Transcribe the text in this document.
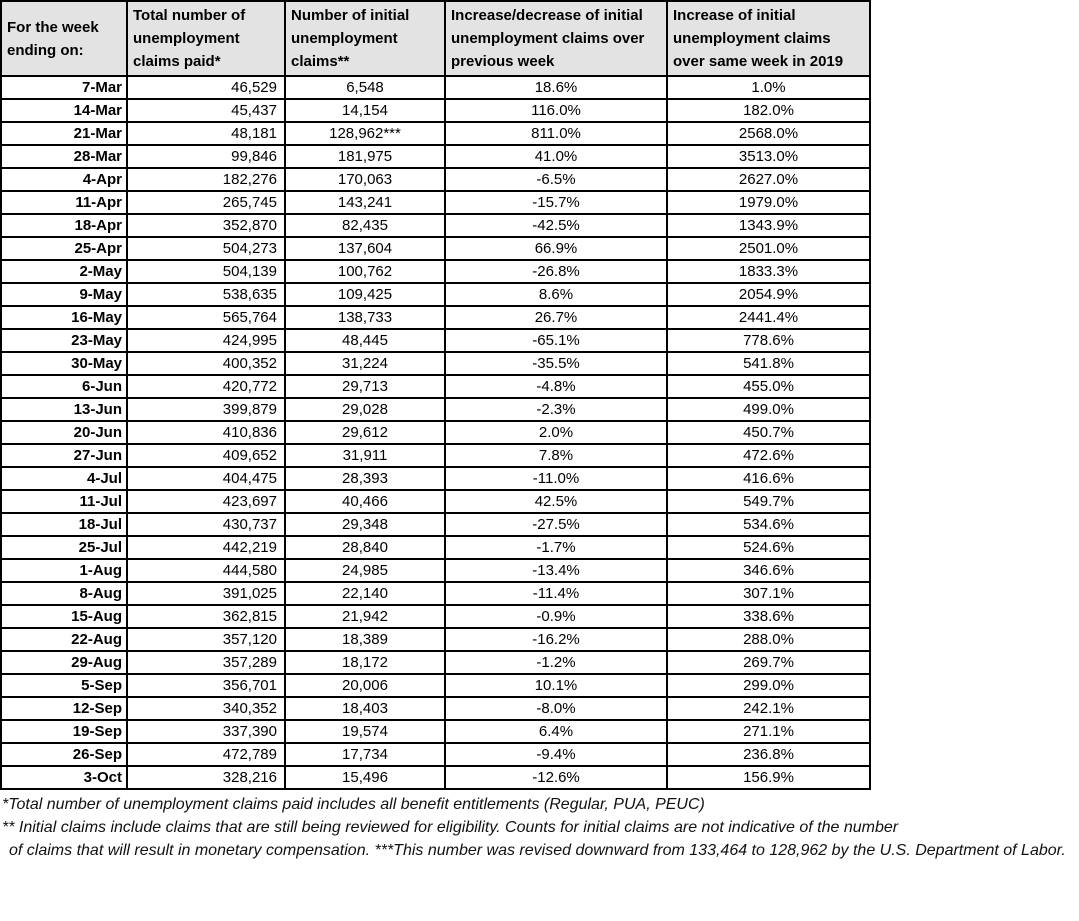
For the week ending on:	Total number of unemployment claims paid*	Number of initial unemployment claims**	Increase/decrease of initial unemployment claims over previous week	Increase of initial unemployment claims over same week in 2019
7-Mar	46,529	6,548	18.6%	1.0%
14-Mar	45,437	14,154	116.0%	182.0%
21-Mar	48,181	128,962***	811.0%	2568.0%
28-Mar	99,846	181,975	41.0%	3513.0%
4-Apr	182,276	170,063	-6.5%	2627.0%
11-Apr	265,745	143,241	-15.7%	1979.0%
18-Apr	352,870	82,435	-42.5%	1343.9%
25-Apr	504,273	137,604	66.9%	2501.0%
2-May	504,139	100,762	-26.8%	1833.3%
9-May	538,635	109,425	8.6%	2054.9%
16-May	565,764	138,733	26.7%	2441.4%
23-May	424,995	48,445	-65.1%	778.6%
30-May	400,352	31,224	-35.5%	541.8%
6-Jun	420,772	29,713	-4.8%	455.0%
13-Jun	399,879	29,028	-2.3%	499.0%
20-Jun	410,836	29,612	2.0%	450.7%
27-Jun	409,652	31,911	7.8%	472.6%
4-Jul	404,475	28,393	-11.0%	416.6%
11-Jul	423,697	40,466	42.5%	549.7%
18-Jul	430,737	29,348	-27.5%	534.6%
25-Jul	442,219	28,840	-1.7%	524.6%
1-Aug	444,580	24,985	-13.4%	346.6%
8-Aug	391,025	22,140	-11.4%	307.1%
15-Aug	362,815	21,942	-0.9%	338.6%
22-Aug	357,120	18,389	-16.2%	288.0%
29-Aug	357,289	18,172	-1.2%	269.7%
5-Sep	356,701	20,006	10.1%	299.0%
12-Sep	340,352	18,403	-8.0%	242.1%
19-Sep	337,390	19,574	6.4%	271.1%
26-Sep	472,789	17,734	-9.4%	236.8%
3-Oct	328,216	15,496	-12.6%	156.9%
*Total number of unemployment claims paid includes all benefit entitlements (Regular, PUA, PEUC)
** Initial claims include claims that are still being reviewed for eligibility. Counts for initial claims are not indicative of the number
of claims that will result in monetary compensation. ***This number was revised downward from 133,464 to 128,962 by the U.S. Department of Labor.
